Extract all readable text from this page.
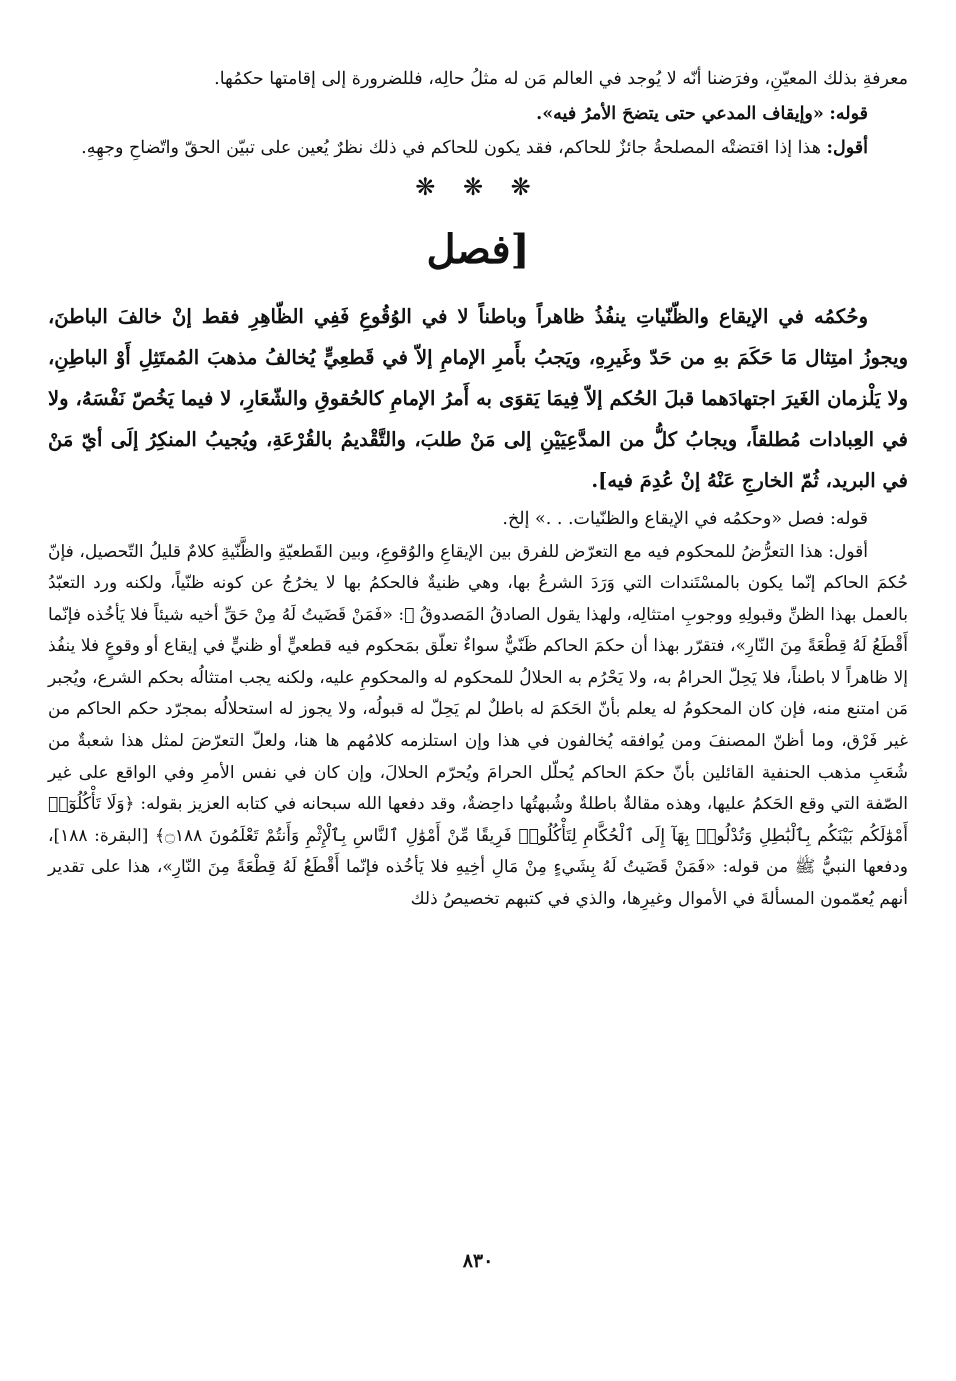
معرفةِ بذلك المعيّنِ، وفرَضنا أنّه لا يُوجد في العالم مَن له مثلُ حالِه، فللضرورة إلى إقامتها حكمُها.

قوله: «وإيقاف المدعي حتى يتضحَ الأمرُ فيه».

أقول: هذا إذا اقتضتْه المصلحةُ جائزٌ للحاكم، فقد يكون للحاكم في ذلك نظرٌ يُعين على تبيّن الحقّ واتّضاحِ وجهِهِ.

❋ ❋ ❋
[فصل

وحُكمُه في الإيقاع والظّنّياتِ ينفُذُ ظاهراً وباطناً لا في الوُقُوعِ فَفِي الظّاهِرِ فقط إنْ خالفَ الباطنَ، ويجوزُ امتِثال مَا حَكَمَ بهِ من حَدّ وغَيرِهِ، ويَجبُ بأَمرِ الإمامِ إلاّ في قَطعِيٍّ يُخالفُ مذهبَ المُمتَثِلِ أَوْ الباطِنِ، ولا يَلْزمان الغَيرَ اجتهادَهما قبلَ الحُكم إلاّ فِيمَا يَقوَى به أَمرُ الإمامِ كالحُقوقِ والشّعَارِ، لا فيما يَخُصّ نَفْسَهُ، ولا في العِبادات مُطلقاً، ويجابُ كلُّ من المدَّعِيَيْنِ إلى مَنْ طلبَ، والتَّقْديمُ بالقُرْعَةِ، ويُجيبُ المنكِرُ إلَى أيّ مَنْ في البريد، ثُمّ الخارجِ عَنْهُ إنْ عُدِمَ فيه].

قوله: فصل «وحكمُه في الإيقاع والظنّيات. . .» إلخ.

أقول: هذا التعرُّضُ للمحكوم فيه مع التعرّض للفرق بين الإيقاعِ والوُقوعِ، وبين القَطعيّةِ والظَّنّيةِ كلامٌ قليلُ التّحصيل، فإنّ حُكمَ الحاكم إنّما يكون بالمسْتَندات التي وَرَدَ الشرعُ بها، وهي ظنيةٌ فالحكمُ بها لا يخرُجُ عن كونه ظنّياً، ولكنه ورد التعبّدُ بالعمل بهذا الظنِّ وقبولِهِ ووجوبِ امتثالِه، ولهذا يقول الصادقُ المَصدوقُ ﷺ: «فَمَنْ قَضَيتُ لَهُ مِنْ حَقِّ أخيه شيئاً فلا يَأخُذه فإنّما أَقْطَعُ لَهُ قِطْعَةً مِنَ النّارِ»، فتقرّر بهذا أن حكمَ الحاكم ظَنّيٌّ سواءٌ تعلّق بمَحكوم فيه قطعيٍّ أو ظنيٍّ في إيقاع أو وقوعٍ فلا ينفُذ إلا ظاهراً لا باطناً، فلا يَحِلّ الحرامُ به، ولا يَحْرُم به الحلالُ للمحكوم له والمحكومِ عليه، ولكنه يجب امتثالُه بحكم الشرع، ويُجبر مَن امتنع منه، فإن كان المحكومُ له يعلم بأنّ الحَكمَ له باطلٌ لم يَحِلّ له قبولُه، ولا يجوز له استحلالُه بمجرّد حكم الحاكم من غير فَرْق، وما أظنّ المصنفَ ومن يُوافقه يُخالفون في هذا وإن استلزمه كلامُهم ها هنا، ولعلّ التعرّضَ لمثل هذا شعبةٌ من شُعَبِ مذهب الحنفية القائلين بأنّ حكمَ الحاكم يُحلّل الحرامَ ويُحرّم الحلالَ، وإن كان في نفس الأمرِ وفي الواقع على غير الصّفة التي وقع الحَكمُ عليها، وهذه مقالةٌ باطلةٌ وشُبهتُها داحِضةٌ، وقد دفعها الله سبحانه في كتابه العزيز بقوله: ﴿وَلَا تَأْكُلُوٓا۟ أَمْوَٰلَكُم بَيْنَكُم بِٱلْبَٰطِلِ وَتُدْلُوا۟ بِهَآ إِلَى ٱلْحُكَّامِ لِتَأْكُلُوا۟ فَرِيقًا مِّنْ أَمْوَٰلِ ٱلنَّاسِ بِٱلْإِثْمِ وَأَنتُمْ تَعْلَمُونَ ۝١٨٨﴾ [البقرة: ١٨٨]، ودفعها النبيُّ ﷺ من قوله: «فَمَنْ قَضَيتُ لَهُ بِشَيءٍ مِنْ مَالِ أخِيهِ فلا يَأخُذه فإنّما أَقْطَعُ لَهُ قِطْعَةً مِنَ النّارِ»، هذا على تقدير أنهم يُعمّمون المسألةَ في الأموال وغيرِها، والذي في كتبهم تخصيصُ ذلك

٨٣٠
